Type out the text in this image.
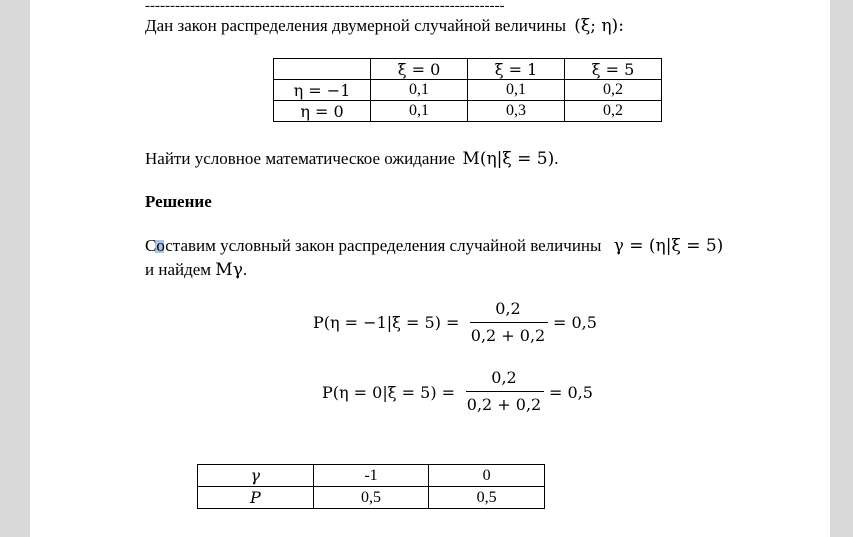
------------------------------------------------------------------------
Дан закон распределения двумерной случайной величины (ξ; η):
	ξ = 0	ξ = 1	ξ = 5
η = −1	0,1	0,1	0,2
η = 0	0,1	0,3	0,2
Найти условное математическое ожидание M(η|ξ = 5).
Решение
Составим условный закон распределения случайной величины γ = (η|ξ = 5)
и найдем Mγ.
P(η = −1|ξ = 5) =
0,2
0,2 + 0,2
= 0,5
P(η = 0|ξ = 5) =
0,2
0,2 + 0,2
= 0,5
γ	-1	0
P	0,5	0,5
